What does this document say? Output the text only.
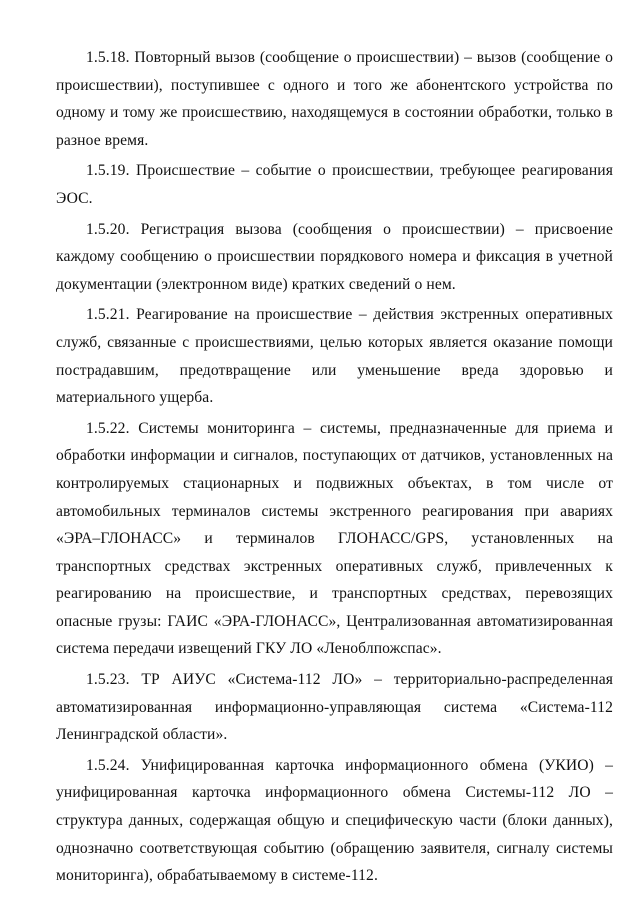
1.5.18. Повторный вызов (сообщение о происшествии) – вызов (сообщение о происшествии), поступившее с одного и того же абонентского устройства по одному и тому же происшествию, находящемуся в состоянии обработки, только в разное время.

1.5.19. Происшествие – событие о происшествии, требующее реагирования ЭОС.

1.5.20. Регистрация вызова (сообщения о происшествии) – присвоение каждому сообщению о происшествии порядкового номера и фиксация в учетной документации (электронном виде) кратких сведений о нем.

1.5.21. Реагирование на происшествие – действия экстренных оперативных служб, связанные с происшествиями, целью которых является оказание помощи пострадавшим, предотвращение или уменьшение вреда здоровью и материального ущерба.

1.5.22. Системы мониторинга – системы, предназначенные для приема и обработки информации и сигналов, поступающих от датчиков, установленных на контролируемых стационарных и подвижных объектах, в том числе от автомобильных терминалов системы экстренного реагирования при авариях «ЭРА–ГЛОНАСС» и терминалов ГЛОНАСС/GPS, установленных на транспортных средствах экстренных оперативных служб, привлеченных к реагированию на происшествие, и транспортных средствах, перевозящих опасные грузы: ГАИС «ЭРА-ГЛОНАСС», Централизованная автоматизированная система передачи извещений ГКУ ЛО «Леноблпожспас».

1.5.23. ТР АИУС «Система-112 ЛО» – территориально-распределенная автоматизированная информационно-управляющая система «Система-112 Ленинградской области».

1.5.24. Унифицированная карточка информационного обмена (УКИО) – унифицированная карточка информационного обмена Системы-112 ЛО – структура данных, содержащая общую и специфическую части (блоки данных), однозначно соответствующая событию (обращению заявителя, сигналу системы мониторинга), обрабатываемому в системе-112.
